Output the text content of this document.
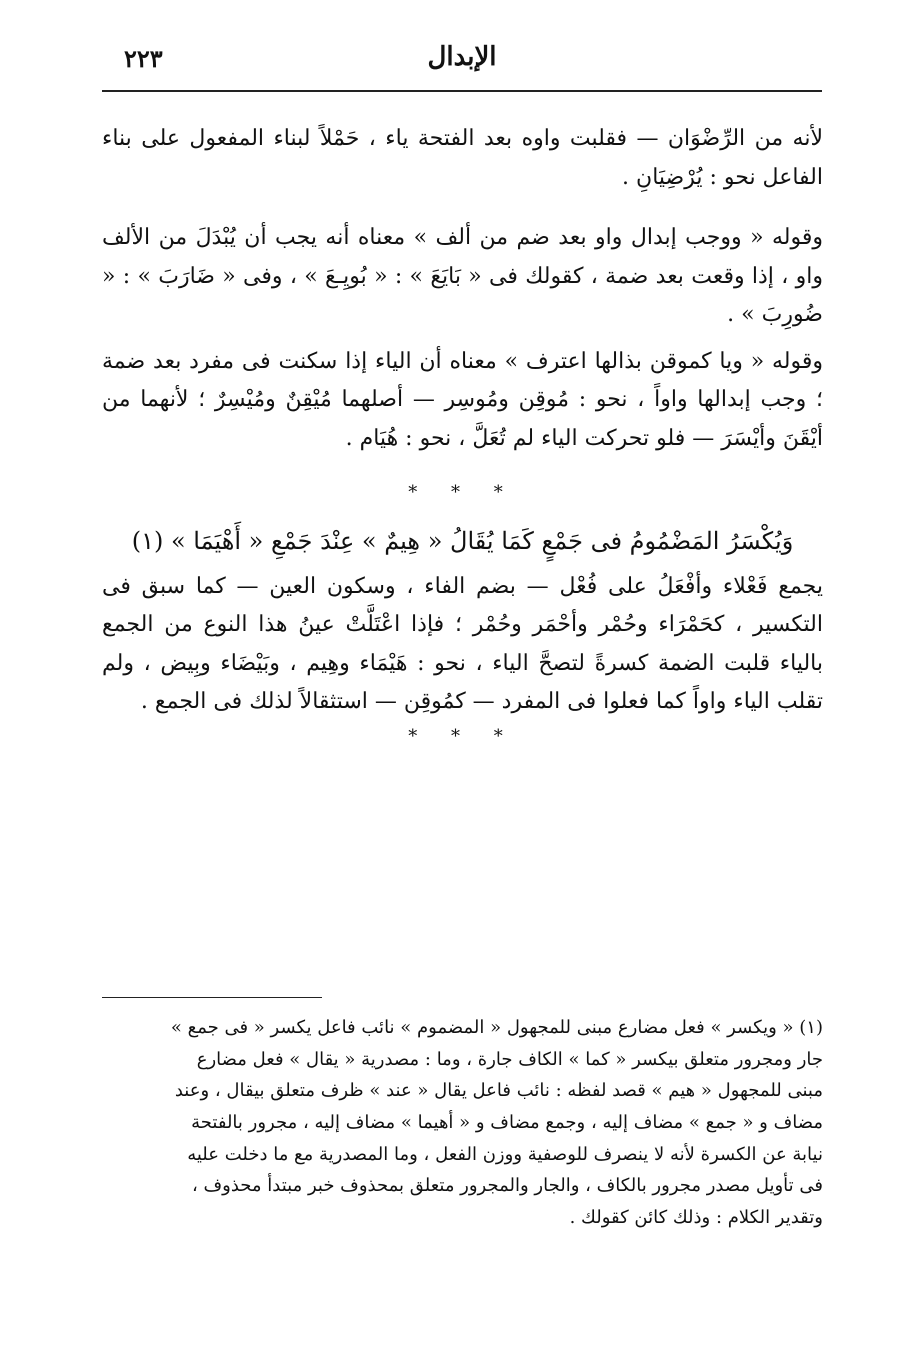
الإبدال
٢٢٣

لأنه من الرِّضْوَان — فقلبت واوه بعد الفتحة ياء ، حَمْلاً لبناء المفعول على بناء الفاعل نحو : يُرْضِيَانِ .

وقوله « ووجب إبدال واو بعد ضم من ألف » معناه أنه يجب أن يُبْدَلَ من الألف واو ، إذا وقعت بعد ضمة ، كقولك فى « بَايَعَ » : « بُويِـعَ » ، وفى « ضَارَبَ » : « ضُورِبَ » .

وقوله « ويا كموقن بذالها اعترف » معناه أن الياء إذا سكنت فى مفرد بعد ضمة ؛ وجب إبدالها واواً ، نحو : مُوقِن ومُوسِر — أصلهما مُيْقِنٌ ومُيْسِرٌ ؛ لأنهما من أيْقَنَ وأيْسَرَ — فلو تحركت الياء لم تُعَلَّ ، نحو : هُيَام .

* * *
وَيُكْسَرُ المَضْمُومُ فى جَمْعٍ كَمَا يُقَالُ « هِيمٌ » عِنْدَ جَمْعِ « أَهْيَمَا » (١)

يجمع فَعْلاء وأفْعَلُ على فُعْل — بضم الفاء ، وسكون العين — كما سبق فى التكسير ، كحَمْرَاء وحُمْر وأحْمَر وحُمْر ؛ فإذا اعْتَلَّتْ عينُ هذا النوع من الجمع بالياء قلبت الضمة كسرةً لتصحَّ الياء ، نحو : هَيْمَاء وهِيم ، وبَيْضَاء وبِيض ، ولم تقلب الياء واواً كما فعلوا فى المفرد — كمُوقِن — استثقالاً لذلك فى الجمع .

* * *
(١) « ويكسر » فعل مضارع مبنى للمجهول « المضموم » نائب فاعل يكسر « فى جمع »
جار ومجرور متعلق بيكسر « كما » الكاف جارة ، وما : مصدرية « يقال » فعل مضارع
مبنى للمجهول « هيم » قصد لفظه : نائب فاعل يقال « عند » ظرف متعلق بيقال ، وعند
مضاف و « جمع » مضاف إليه ، وجمع مضاف و « أهيما » مضاف إليه ، مجرور بالفتحة
نيابة عن الكسرة لأنه لا ينصرف للوصفية ووزن الفعل ، وما المصدرية مع ما دخلت عليه
فى تأويل مصدر مجرور بالكاف ، والجار والمجرور متعلق بمحذوف خبر مبتدأ محذوف ،
وتقدير الكلام : وذلك كائن كقولك .
